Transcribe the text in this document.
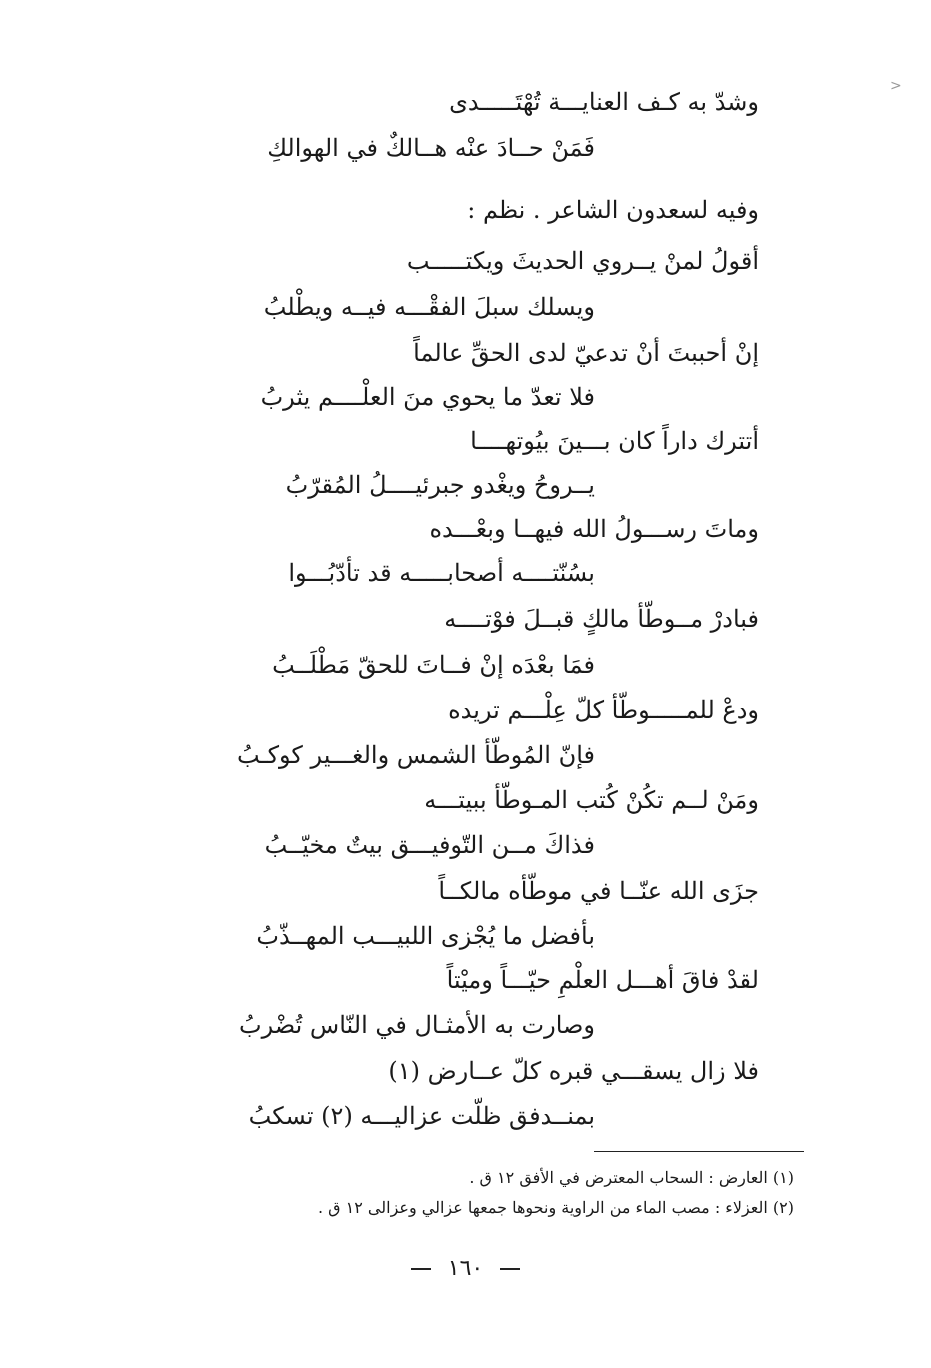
>
وشدّ به كـف العنايـــة تُهْتَـــــدى
فَمَنْ حــادَ عنْه هــالكٌ في الهوالكِ
وفيه لسعدون الشاعر . نظم :
أقولُ لمنْ يــروي الحديثَ ويكتـــــب
ويسلك سبلَ الفقْـــه فيــه ويطْلبُ
إنْ أحببتَ أنْ تدعيّ لدى الحقِّ عالماً
فلا تعدّ ما يحوي منَ العلْــــم يثربُ
أتترك داراً كان بـــينَ بيُوتهــــا
يــروحُ ويغْدو جبرئيــــلُ المُقرّبُ
وماتَ رســـولُ الله فيهــا وبعْـــده
بسُنّتــــه أصحابـــــه قد تأدّبُـــوا
فبادرْ مــوطّأ مالكٍ قبــلَ فوْتــــه
فمَا بعْدَه إنْ فــاتَ للحقّ مَطْلَــبُ
ودعْ للمـــــوطّأ كلّ عِلْـــم تريده
فإنّ المُوطّأ الشمس والغـــير كوكـبُ
ومَنْ لــم تكُنْ كُتب المـوطّأ ببيتـــه
فذاكَ مــن التّوفيـــق بيتٌ مخيّــبُ
جزَى الله عنّــا في موطّأه مالكــاً
بأفضل ما يُجْزى اللبيـــب المهــذّبُ
لقدْ فاقَ أهـــل العلْمِ حيّـــاً وميْتاً
وصارت به الأمثـال في النّاس تُضْربُ
فلا زال يسقـــي قبره كلّ عــارض (١)
بمنــدفق ظلّت عزاليـــه (٢) تسكبُ
(١) العارض : السحاب المعترض في الأفق ١٢ ق .
(٢) العزلاء : مصب الماء من الراوية ونحوها جمعها عزالي وعزالى ١٢ ق .
١٦٠
